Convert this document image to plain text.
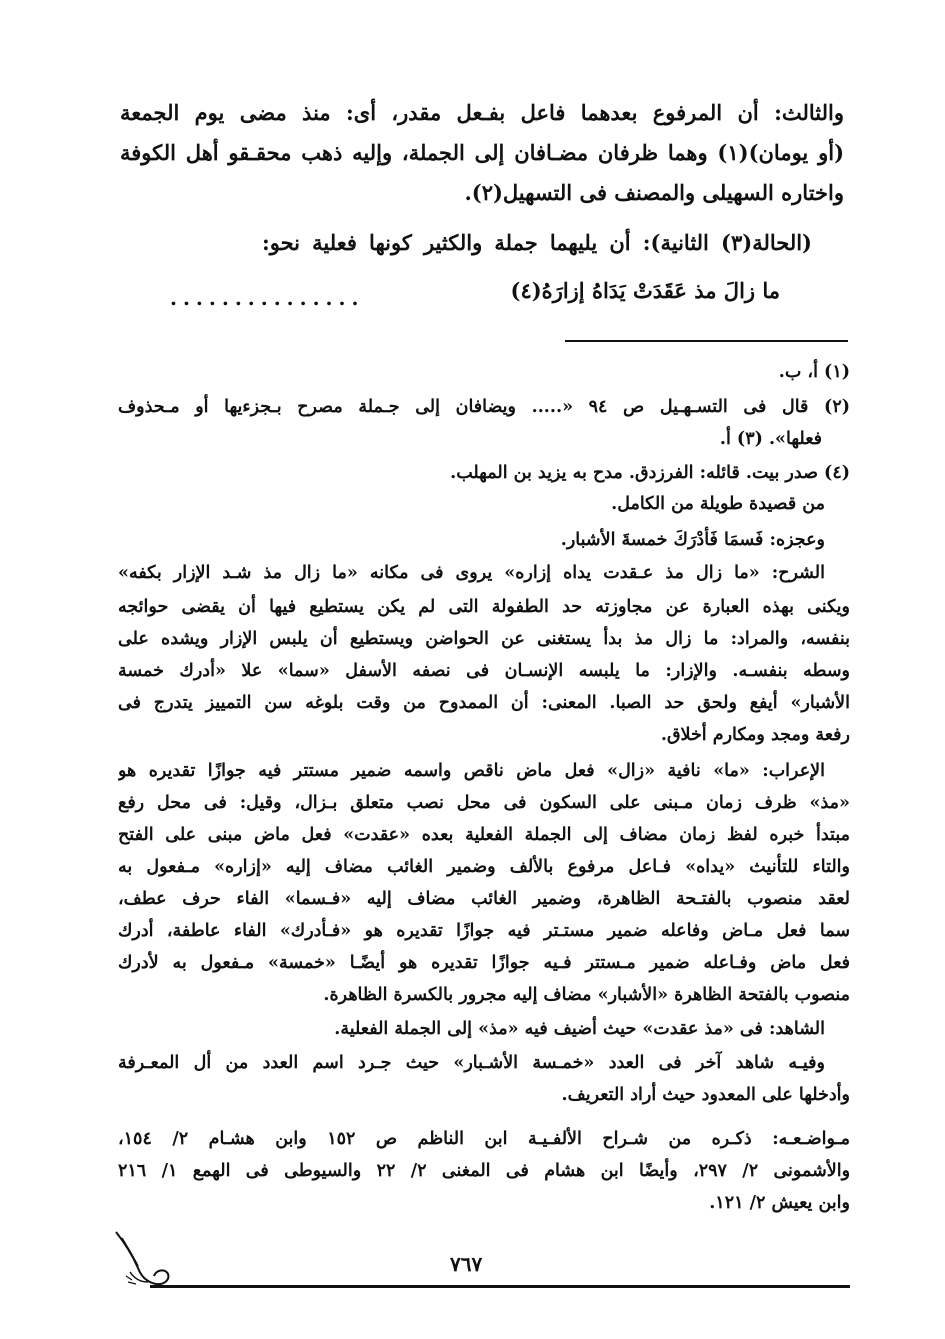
والثالث: أن المرفوع بعدهما فاعل بفـعل مقدر، أى: منذ مضى يوم الجمعة
(أو يومان)(١) وهما ظرفان مضـافان إلى الجملة، وإليه ذهب محقـقو أهل الكوفة
واختاره السهيلى والمصنف فى التسهيل(٢).
(الحالة(٣) الثانية): أن يليهما جملة والكثير كونها فعلية نحو:
ما زالَ مذ عَقَدَتْ يَدَاهُ إزارَهُ(٤)
...............
(١) أ، ب.
(٢) قال فى التسـهـيل ص ٩٤ «..... ويضافان إلى جـملة مصرح بـجزءيها أو مـحذوف
فعلها». (٣) أ.
(٤) صدر بيت. قائله: الفرزدق. مدح به يزيد بن المهلب.
من قصيدة طويلة من الكامل.
وعجزه: فَسمَا فَأدْرَكَ خمسةَ الأشبار.
الشرح: «ما زال مذ عـقدت يداه إزاره» يروى فى مكانه «ما زال مذ شـد الإزار بكفه»
ويكنى بهذه العبارة عن مجاوزته حد الطفولة التى لم يكن يستطيع فيها أن يقضى حوائجه
بنفسه، والمراد: ما زال مذ بدأ يستغنى عن الحواضن ويستطيع أن يلبس الإزار ويشده على
وسطه بنفسـه. والإزار: ما يلبسه الإنسـان فى نصفه الأسفل «سما» علا «أدرك خمسة
الأشبار» أيفع ولحق حد الصبا. المعنى: أن الممدوح من وقت بلوغه سن التمييز يتدرج فى
رفعة ومجد ومكارم أخلاق.
الإعراب: «ما» نافية «زال» فعل ماض ناقص واسمه ضمير مستتر فيه جوازًا تقديره هو
«مذ» ظرف زمان مـبنى على السكون فى محل نصب متعلق بـزال، وقيل: فى محل رفع
مبتدأ خبره لفظ زمان مضاف إلى الجملة الفعلية بعده «عقدت» فعل ماض مبنى على الفتح
والتاء للتأنيث «يداه» فـاعل مرفوع بالألف وضمير الغائب مضاف إليه «إزاره» مـفعول به
لعقد منصوب بالفتـحة الظاهرة، وضمير الغائب مضاف إليه «فـسما» الفاء حرف عطف،
سما فعل مـاض وفاعله ضمير مستـتر فيه جوازًا تقديره هو «فـأدرك» الفاء عاطفة، أدرك
فعل ماض وفـاعله ضمير مـستتر فـيه جوازًا تقديره هو أيضًـا «خمسة» مـفعول به لأدرك
منصوب بالفتحة الظاهرة «الأشبار» مضاف إليه مجرور بالكسرة الظاهرة.
الشاهد: فى «مذ عقدت» حيث أضيف فيه «مذ» إلى الجملة الفعلية.
وفيـه شاهد آخر فى العدد «خمـسة الأشـبار» حيث جـرد اسم العدد من أل المعـرفة
وأدخلها على المعدود حيث أراد التعريف.
مـواضـعـه: ذكـره من شـراح الألفـيـة ابن الناظم ص ١٥٢ وابن هشـام ٢/ ١٥٤،
والأشمونى ٢/ ٢٩٧، وأيضًا ابن هشام فى المغنى ٢/ ٢٢ والسيوطى فى الهمع ١/ ٢١٦
وابن يعيش ٢/ ١٢١.
٧٦٧
